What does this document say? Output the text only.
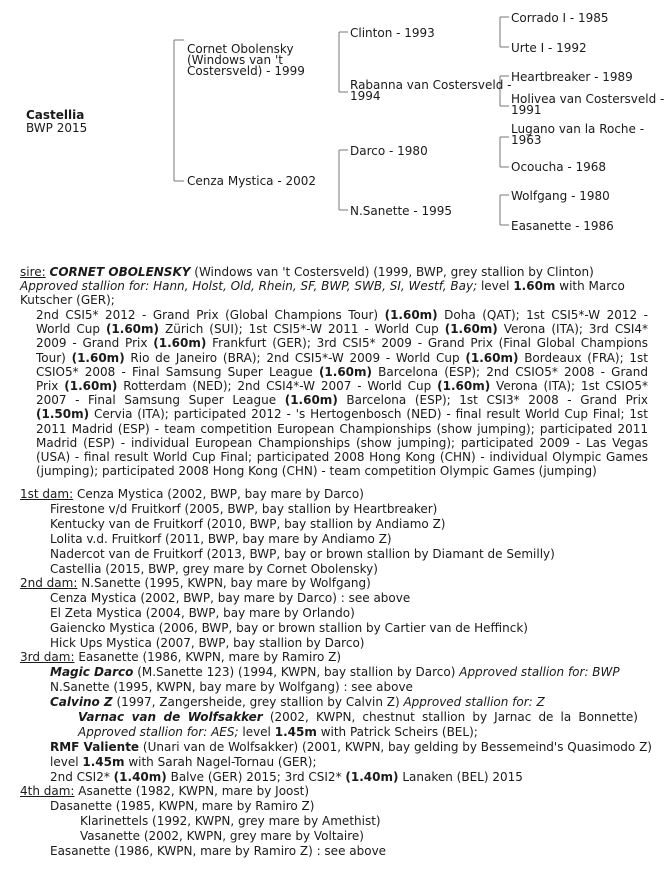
Castellia
BWP 2015
Cornet Obolensky
(Windows van 't
Costersveld) - 1999
Cenza Mystica - 2002
Clinton - 1993
Rabanna van Costersveld -
1994
Darco - 1980
N.Sanette - 1995
Corrado I - 1985
Urte I - 1992
Heartbreaker - 1989
Holivea van Costersveld -
1991
Lugano van la Roche -
1963
Ocoucha - 1968
Wolfgang - 1980
Easanette - 1986
sire: CORNET OBOLENSKY (Windows van 't Costersveld) (1999, BWP, grey stallion by Clinton)
Approved stallion for: Hann, Holst, Old, Rhein, SF, BWP, SWB, SI, Westf, Bay; level 1.60m with Marco
Kutscher (GER);
2nd CSI5* 2012 - Grand Prix (Global Champions Tour) (1.60m) Doha (QAT); 1st CSI5*-W 2012 -
World Cup (1.60m) Zürich (SUI); 1st CSI5*-W 2011 - World Cup (1.60m) Verona (ITA); 3rd CSI4*
2009 - Grand Prix (1.60m) Frankfurt (GER); 3rd CSI5* 2009 - Grand Prix (Final Global Champions
Tour) (1.60m) Rio de Janeiro (BRA); 2nd CSI5*-W 2009 - World Cup (1.60m) Bordeaux (FRA); 1st
CSIO5* 2008 - Final Samsung Super League (1.60m) Barcelona (ESP); 2nd CSIO5* 2008 - Grand
Prix (1.60m) Rotterdam (NED); 2nd CSI4*-W 2007 - World Cup (1.60m) Verona (ITA); 1st CSIO5*
2007 - Final Samsung Super League (1.60m) Barcelona (ESP); 1st CSI3* 2008 - Grand Prix
(1.50m) Cervia (ITA); participated 2012 - 's Hertogenbosch (NED) - final result World Cup Final; 1st
2011 Madrid (ESP) - team competition European Championships (show jumping); participated 2011
Madrid (ESP) - individual European Championships (show jumping); participated 2009 - Las Vegas
(USA) - final result World Cup Final; participated 2008 Hong Kong (CHN) - individual Olympic Games
(jumping); participated 2008 Hong Kong (CHN) - team competition Olympic Games (jumping)
1st dam: Cenza Mystica (2002, BWP, bay mare by Darco)
Firestone v/d Fruitkorf (2005, BWP, bay stallion by Heartbreaker)
Kentucky van de Fruitkorf (2010, BWP, bay stallion by Andiamo Z)
Lolita v.d. Fruitkorf (2011, BWP, bay mare by Andiamo Z)
Nadercot van de Fruitkorf (2013, BWP, bay or brown stallion by Diamant de Semilly)
Castellia (2015, BWP, grey mare by Cornet Obolensky)
2nd dam: N.Sanette (1995, KWPN, bay mare by Wolfgang)
Cenza Mystica (2002, BWP, bay mare by Darco) : see above
El Zeta Mystica (2004, BWP, bay mare by Orlando)
Gaiencko Mystica (2006, BWP, bay or brown stallion by Cartier van de Heffinck)
Hick Ups Mystica (2007, BWP, bay stallion by Darco)
3rd dam: Easanette (1986, KWPN, mare by Ramiro Z)
Magic Darco (M.Sanette 123) (1994, KWPN, bay stallion by Darco) Approved stallion for: BWP
N.Sanette (1995, KWPN, bay mare by Wolfgang) : see above
Calvino Z (1997, Zangersheide, grey stallion by Calvin Z) Approved stallion for: Z
Varnac van de Wolfsakker (2002, KWPN, chestnut stallion by Jarnac de la Bonnette)
Approved stallion for: AES; level 1.45m with Patrick Scheirs (BEL);
RMF Valiente (Unari van de Wolfsakker) (2001, KWPN, bay gelding by Bessemeind's Quasimodo Z)
level 1.45m with Sarah Nagel-Tornau (GER);
2nd CSI2* (1.40m) Balve (GER) 2015; 3rd CSI2* (1.40m) Lanaken (BEL) 2015
4th dam: Asanette (1982, KWPN, mare by Joost)
Dasanette (1985, KWPN, mare by Ramiro Z)
Klarinettels (1992, KWPN, grey mare by Amethist)
Vasanette (2002, KWPN, grey mare by Voltaire)
Easanette (1986, KWPN, mare by Ramiro Z) : see above
